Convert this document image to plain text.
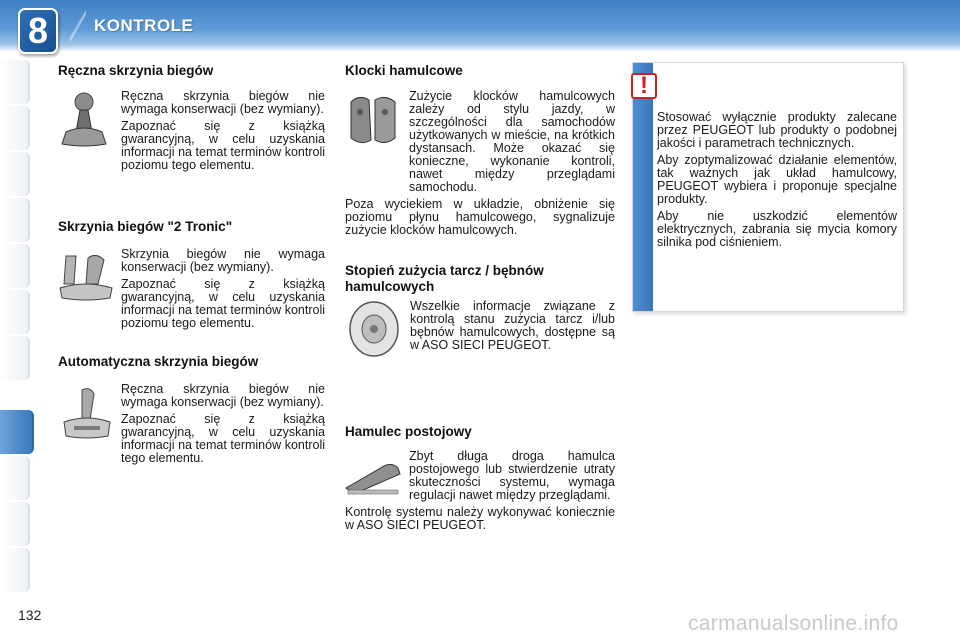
8	KONTROLE
Ręczna skrzynia biegów
Ręczna skrzynia biegów nie wymaga konserwacji (bez wymiany).
Zapoznać się z książką gwarancyjną, w celu uzyskania informacji na temat terminów kontroli poziomu tego elementu.
Skrzynia biegów "2 Tronic"
Skrzynia biegów nie wymaga konserwacji (bez wymiany).
Zapoznać się z książką gwarancyjną, w celu uzyskania informacji na temat terminów kontroli poziomu tego elementu.
Automatyczna skrzynia biegów
Ręczna skrzynia biegów nie wymaga konserwacji (bez wymiany).
Zapoznać się z książką gwarancyjną, w celu uzyskania informacji na temat terminów kontroli tego elementu.
Klocki hamulcowe
Zużycie klocków hamulcowych zależy od stylu jazdy, w szczególności dla samochodów użytkowanych w mieście, na krótkich dystansach. Może okazać się konieczne, wykonanie kontroli, nawet między przeglądami samochodu.
Poza wyciekiem w układzie, obniżenie się poziomu płynu hamulcowego, sygnalizuje zużycie klocków hamulcowych.
Stopień zużycia tarcz / bębnów hamulcowych
Wszelkie informacje związane z kontrolą stanu zużycia tarcz i/lub bębnów hamulcowych, dostępne są w ASO SIECI PEUGEOT.
Hamulec postojowy
Zbyt długa droga hamulca postojowego lub stwierdzenie utraty skuteczności systemu, wymaga regulacji nawet między przeglądami.
Kontrolę systemu należy wykonywać koniecznie w ASO SIECI PEUGEOT.
!
Stosować wyłącznie produkty zalecane przez PEUGEOT lub produkty o podobnej jakości i parametrach technicznych.
Aby zoptymalizować działanie elementów, tak ważnych jak układ hamulcowy, PEUGEOT wybiera i proponuje specjalne produkty.
Aby nie uszkodzić elementów elektrycznych, zabrania się mycia komory silnika pod ciśnieniem.
132	carmanualsonline.info
